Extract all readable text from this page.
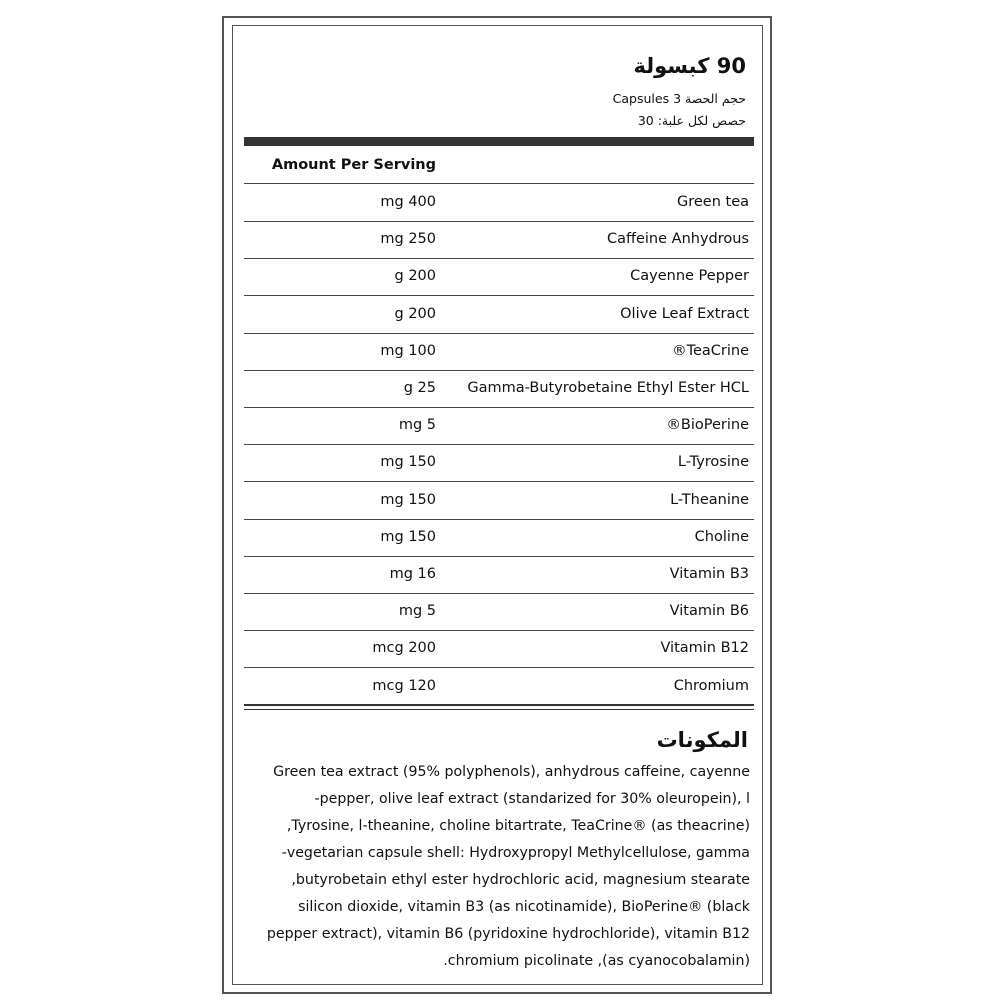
90 كبسولة
حجم الحصة 3 Capsules
حصص لكل علبة: 30
Amount Per Serving
mg 400	Green tea
mg 250	Caffeine Anhydrous
g 200	Cayenne Pepper
g 200	Olive Leaf Extract
mg 100	®TeaCrine
g 25 Gamma-Butyrobetaine Ethyl Ester HCL
mg 5	®BioPerine
mg 150	L-Tyrosine
mg 150	L-Theanine
mg 150	Choline
mg 16	Vitamin B3
mg 5	Vitamin B6
mcg 200	Vitamin B12
mcg 120	Chromium
المكونات
Green tea extract (95% polyphenols), anhydrous caffeine, cayenne
pepper, olive leaf extract (standarized for 30% oleuropein), l-
Tyrosine, l-theanine, choline bitartrate, TeaCrine® (as theacrine),
vegetarian capsule shell: Hydroxypropyl Methylcellulose, gamma-
butyrobetain ethyl ester hydrochloric acid, magnesium stearate,
silicon dioxide, vitamin B3 (as nicotinamide), BioPerine® (black
pepper extract), vitamin B6 (pyridoxine hydrochloride), vitamin B12
(as cyanocobalamin), chromium picolinate.
